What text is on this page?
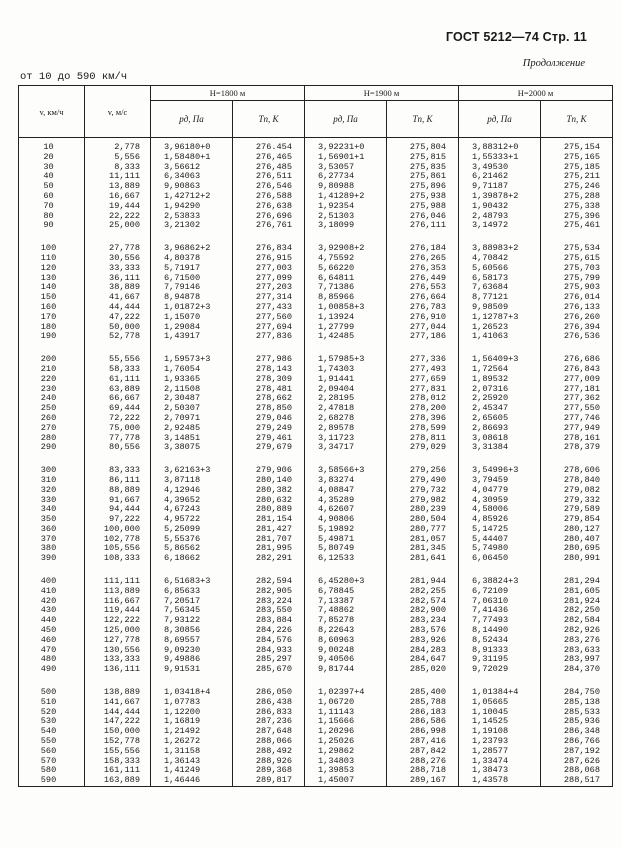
ГОСТ 5212—74 Стр. 11
Продолжение
от 10 до 590 км/ч
v, км/ч	v, м/с	H=1800 м		H=1900 м		H=2000 м	
		pд, Па	Tп, К	pд, Па	Tп, К	pд, Па	Tп, К
10	2,778	3,96180+0	276.454	3,92231+0	275,804	3,88312+0	275,154
20	5,556	1,58480+1	276,465	1,56901+1	275,815	1,55333+1	275,165
30	8,333	3,56612	276,485	3,53057	275,835	3,49530	275,185
40	11,111	6,34063	276,511	6,27734	275,861	6,21462	275,211
50	13,889	9,90863	276,546	9,80988	275,896	9,71187	275,246
60	16,667	1,42712+2	276,588	1,41289+2	275,938	1,39878+2	275,288
70	19,444	1,94290	276,638	1,92354	275,988	1,90432	275,338
80	22,222	2,53833	276,696	2,51303	276,046	2,48793	275,396
90	25,000	3,21302	276,761	3,18099	276,111	3,14972	275,461

100	27,778	3,96862+2	276,834	3,92908+2	276,184	3,88983+2	275,534
110	30,556	4,80378	276,915	4,75592	276,265	4,70842	275,615
120	33,333	5,71917	277,003	5,66220	276,353	5,60566	275,703
130	36,111	6,71500	277,099	6,64811	276,449	6,58173	275,799
140	38,889	7,79146	277,203	7,71386	276,553	7,63684	275,903
150	41,667	8,94878	277,314	8,85966	276,664	8,77121	276,014
160	44,444	1,01872+3	277,433	1,00858+3	276,783	9,98509	276,133
170	47,222	1,15070	277,560	1,13924	276,910	1,12787+3	276,260
180	50,000	1,29084	277,694	1,27799	277,044	1,26523	276,394
190	52,778	1,43917	277,836	1,42485	277,186	1,41063	276,536

200	55,556	1,59573+3	277,986	1,57985+3	277,336	1,56409+3	276,686
210	58,333	1,76054	278,143	1,74303	277,493	1,72564	276,843
220	61,111	1,93365	278,309	1,91441	277,659	1,89532	277,009
230	63,889	2,11508	278,481	2,09404	277,831	2,07316	277,181
240	66,667	2,30487	278,662	2,28195	278,012	2,25920	277,362
250	69,444	2,50307	278,850	2,47818	278,200	2,45347	277,550
260	72,222	2,70971	279,046	2,68278	278,396	2,65605	277,746
270	75,000	2,92485	279,249	2,89578	278,599	2,86693	277,949
280	77,778	3,14851	279,461	3,11723	278,811	3,08618	278,161
290	80,556	3,38075	279,679	3,34717	279,029	3,31384	278,379

300	83,333	3,62163+3	279,906	3,58566+3	279,256	3,54996+3	278,606
310	86,111	3,87118	280,140	3,83274	279,490	3,79459	278,840
320	88,889	4,12946	280,382	4,08847	279,732	4,04779	279,082
330	91,667	4,39652	280,632	4,35289	279,982	4,30959	279,332
340	94,444	4,67243	280,889	4,62607	280,239	4,58006	279,589
350	97,222	4,95722	281,154	4,90806	280,504	4,85926	279,854
360	100,000	5,25099	281,427	5,19892	280,777	5,14725	280,127
370	102,778	5,55376	281,707	5,49871	281,057	5,44407	280,407
380	105,556	5,86562	281,995	5,80749	281,345	5,74980	280,695
390	108,333	6,18662	282,291	6,12533	281,641	6,06450	280,991

400	111,111	6,51683+3	282,594	6,45280+3	281,944	6,38824+3	281,294
410	113,889	6,85633	282,905	6,78845	282,255	6,72109	281,605
420	116,667	7,20517	283,224	7,13387	282,574	7,06310	281,924
430	119,444	7,56345	283,550	7,48862	282,900	7,41436	282,250
440	122,222	7,93122	283,884	7,85278	283,234	7,77493	282,584
450	125,000	8,30856	284,226	8,22643	283,576	8,14490	282,926
460	127,778	8,69557	284,576	8,60963	283,926	8,52434	283,276
470	130,556	9,09230	284,933	9,00248	284,283	8,91333	283,633
480	133,333	9,49886	285,297	9,40506	284,647	9,31195	283,997
490	136,111	9,91531	285,670	9,81744	285,020	9,72029	284,370

500	138,889	1,03418+4	286,050	1,02397+4	285,400	1,01384+4	284,750
510	141,667	1,07783	286,438	1,06720	285,788	1,05665	285,138
520	144,444	1,12200	286,833	1,11143	286,183	1,10045	285,533
530	147,222	1,16819	287,236	1,15666	286,586	1,14525	285,936
540	150,000	1,21492	287,648	1,20296	286,998	1,19108	286,348
550	152,778	1,26272	288,066	1,25026	287,416	1,23793	286,766
560	155,556	1,31158	288,492	1,29862	287,842	1,28577	287,192
570	158,333	1,36143	288,926	1,34803	288,276	1,33474	287,626
580	161,111	1,41249	289,368	1,39853	288,718	1,38473	288,068
590	163,889	1,46446	289,817	1,45007	289,167	1,43578	288,517
